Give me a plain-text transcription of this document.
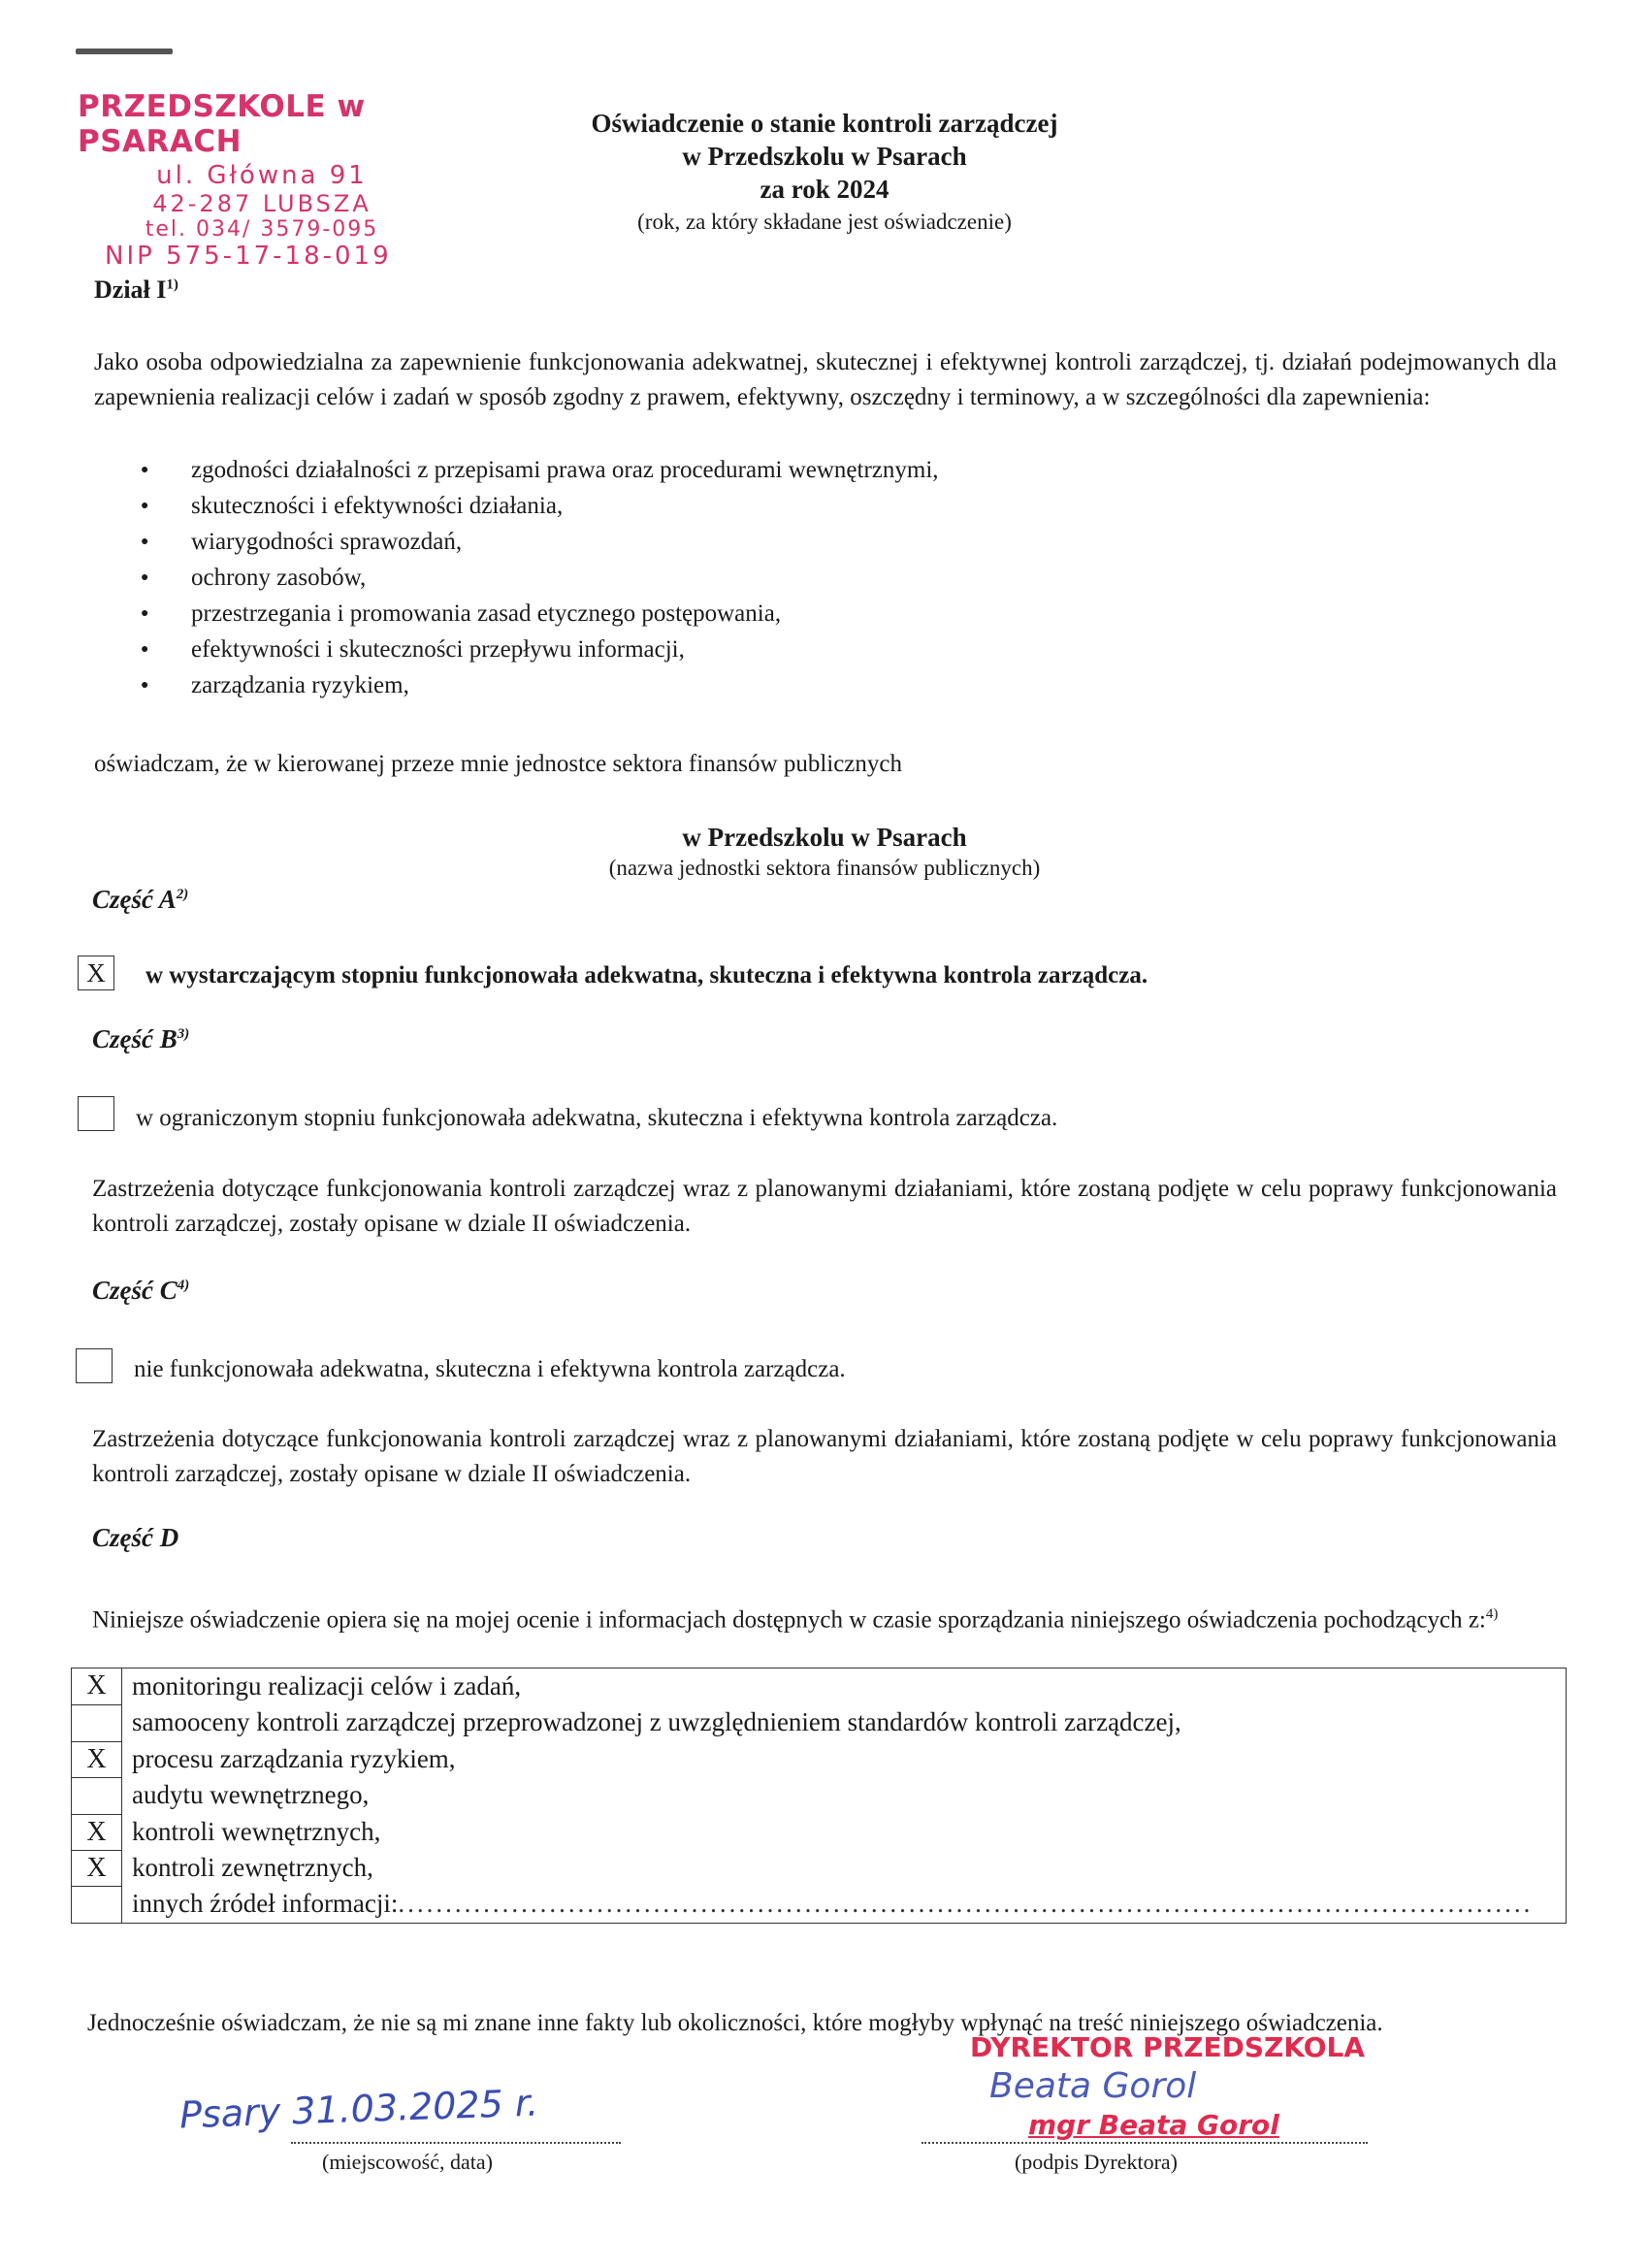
PRZEDSZKOLE w PSARACH
ul. Główna 91
42-287 LUBSZA
tel. 034/ 3579-095
NIP 575-17-18-019
Oświadczenie o stanie kontroli zarządczej
w Przedszkolu w Psarach
za rok 2024
(rok, za który składane jest oświadczenie)
Dział $I^{1)}$
Jako osoba odpowiedzialna za zapewnienie funkcjonowania adekwatnej, skutecznej i efektywnej kontroli zarządczej, tj. działań podejmowanych dla zapewnienia realizacji celów i zadań w sposób zgodny z prawem, efektywny, oszczędny i terminowy, a w szczególności dla zapewnienia:
● zgodności działalności z przepisami prawa oraz procedurami wewnętrznymi,
● skuteczności i efektywności działania,
● wiarygodności sprawozdań,
● ochrony zasobów,
● przestrzegania i promowania zasad etycznego postępowania,
● efektywności i skuteczności przepływu informacji,
● zarządzania ryzykiem,
oświadczam, że w kierowanej przeze mnie jednostce sektora finansów publicznych
w Przedszkolu w Psarach
(nazwa jednostki sektora finansów publicznych)
Część $A^{2)}$
X	w wystarczającym stopniu funkcjonowała adekwatna, skuteczna i efektywna kontrola zarządcza.
Część $B^{3)}$
w ograniczonym stopniu funkcjonowała adekwatna, skuteczna i efektywna kontrola zarządcza.
Zastrzeżenia dotyczące funkcjonowania kontroli zarządczej wraz z planowanymi działaniami, które zostaną podjęte w celu poprawy funkcjonowania kontroli zarządczej, zostały opisane w dziale II oświadczenia.
Część $C^{4)}$
nie funkcjonowała adekwatna, skuteczna i efektywna kontrola zarządcza.
Zastrzeżenia dotyczące funkcjonowania kontroli zarządczej wraz z planowanymi działaniami, które zostaną podjęte w celu poprawy funkcjonowania kontroli zarządczej, zostały opisane w dziale II oświadczenia.
Część D
Niniejsze oświadczenie opiera się na mojej ocenie i informacjach dostępnych w czasie sporządzania niniejszego oświadczenia pochodzących z:$^{4)}$
X monitoringu realizacji celów i zadań,
samooceny kontroli zarządczej przeprowadzonej z uwzględnieniem standardów kontroli zarządczej,
X procesu zarządzania ryzykiem,
audytu wewnętrznego,
X kontroli wewnętrznych,
X kontroli zewnętrznych,
innych źródeł informacji:........................................................................................................................
Jednocześnie oświadczam, że nie są mi znane inne fakty lub okoliczności, które mogłyby wpłynąć na treść niniejszego oświadczenia.
Psary 31.03.2025 r.
(miejscowość, data)
DYREKTOR PRZEDSZKOLA
Beata Gorol
mgr Beata Gorol
(podpis Dyrektora)
